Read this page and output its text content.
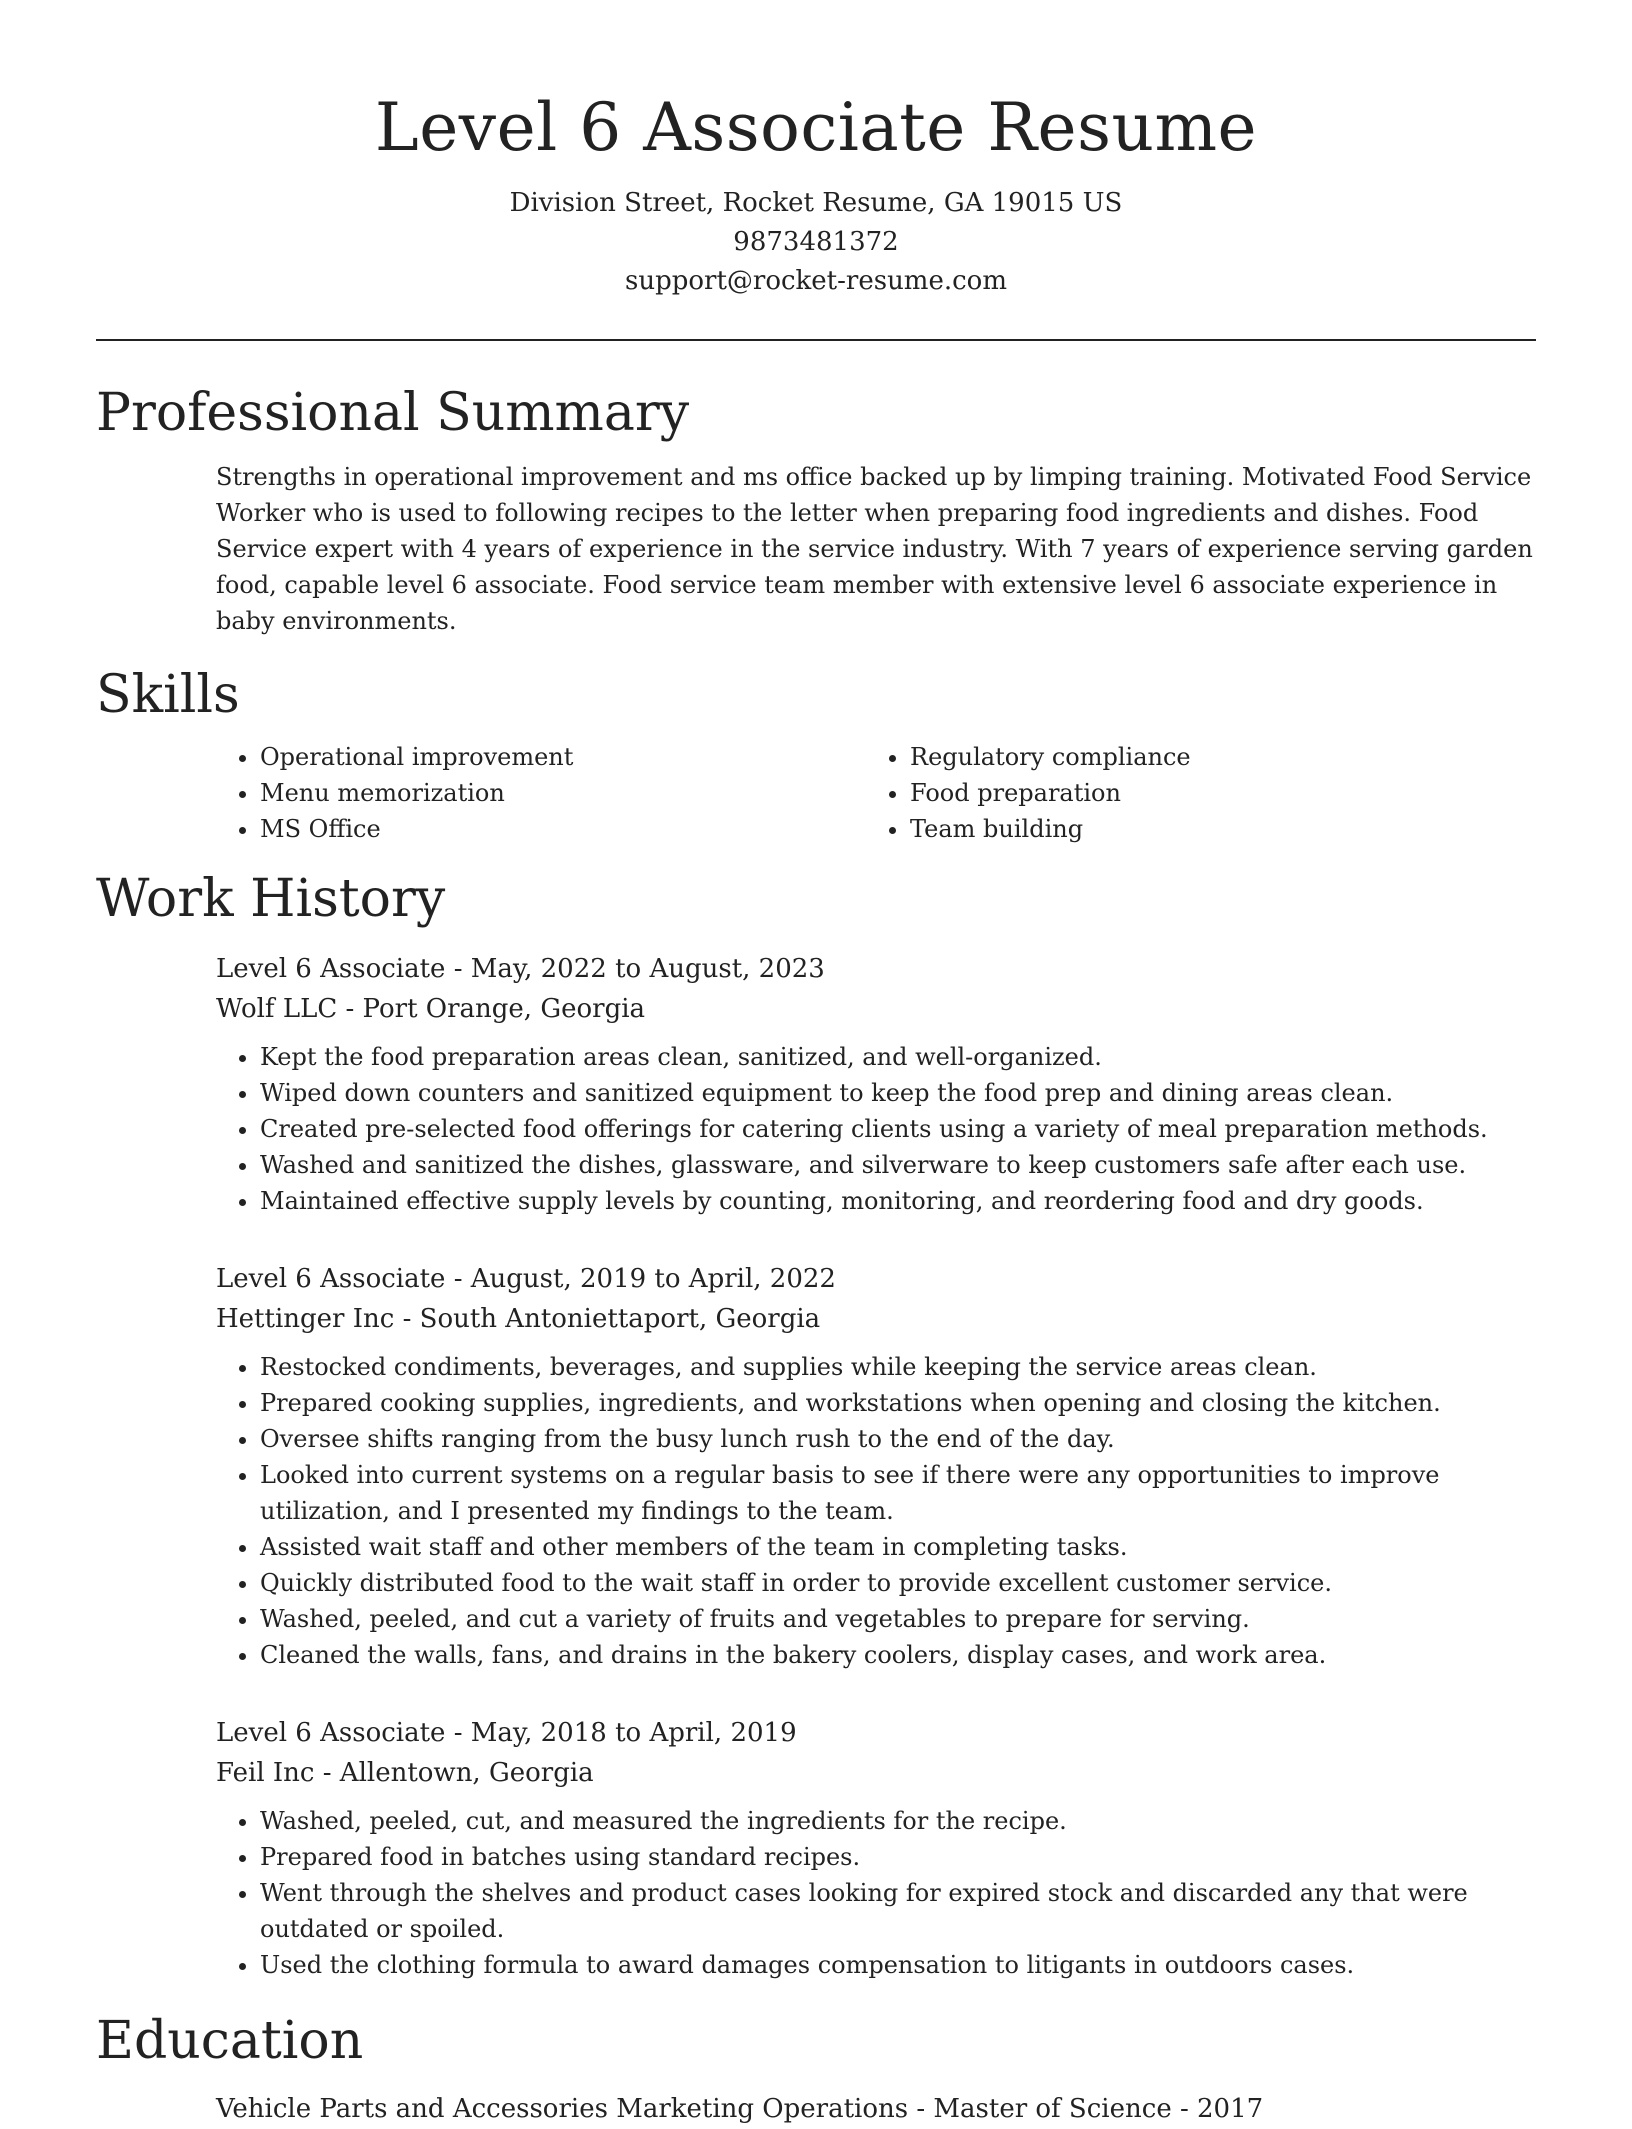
Level 6 Associate Resume
Division Street, Rocket Resume, GA 19015 US
9873481372
support@rocket-resume.com
Professional Summary
Strengths in operational improvement and ms office backed up by limping training. Motivated Food Service Worker who is used to following recipes to the letter when preparing food ingredients and dishes. Food Service expert with 4 years of experience in the service industry. With 7 years of experience serving garden food, capable level 6 associate. Food service team member with extensive level 6 associate experience in baby environments.
Skills
• Operational improvement
• Menu memorization
• MS Office
• Regulatory compliance
• Food preparation
• Team building
Work History
Level 6 Associate - May, 2022 to August, 2023
Wolf LLC - Port Orange, Georgia
• Kept the food preparation areas clean, sanitized, and well-organized.
• Wiped down counters and sanitized equipment to keep the food prep and dining areas clean.
• Created pre-selected food offerings for catering clients using a variety of meal preparation methods.
• Washed and sanitized the dishes, glassware, and silverware to keep customers safe after each use.
• Maintained effective supply levels by counting, monitoring, and reordering food and dry goods.
Level 6 Associate - August, 2019 to April, 2022
Hettinger Inc - South Antoniettaport, Georgia
• Restocked condiments, beverages, and supplies while keeping the service areas clean.
• Prepared cooking supplies, ingredients, and workstations when opening and closing the kitchen.
• Oversee shifts ranging from the busy lunch rush to the end of the day.
• Looked into current systems on a regular basis to see if there were any opportunities to improve utilization, and I presented my findings to the team.
• Assisted wait staff and other members of the team in completing tasks.
• Quickly distributed food to the wait staff in order to provide excellent customer service.
• Washed, peeled, and cut a variety of fruits and vegetables to prepare for serving.
• Cleaned the walls, fans, and drains in the bakery coolers, display cases, and work area.
Level 6 Associate - May, 2018 to April, 2019
Feil Inc - Allentown, Georgia
• Washed, peeled, cut, and measured the ingredients for the recipe.
• Prepared food in batches using standard recipes.
• Went through the shelves and product cases looking for expired stock and discarded any that were outdated or spoiled.
• Used the clothing formula to award damages compensation to litigants in outdoors cases.
Education
Vehicle Parts and Accessories Marketing Operations - Master of Science - 2017
